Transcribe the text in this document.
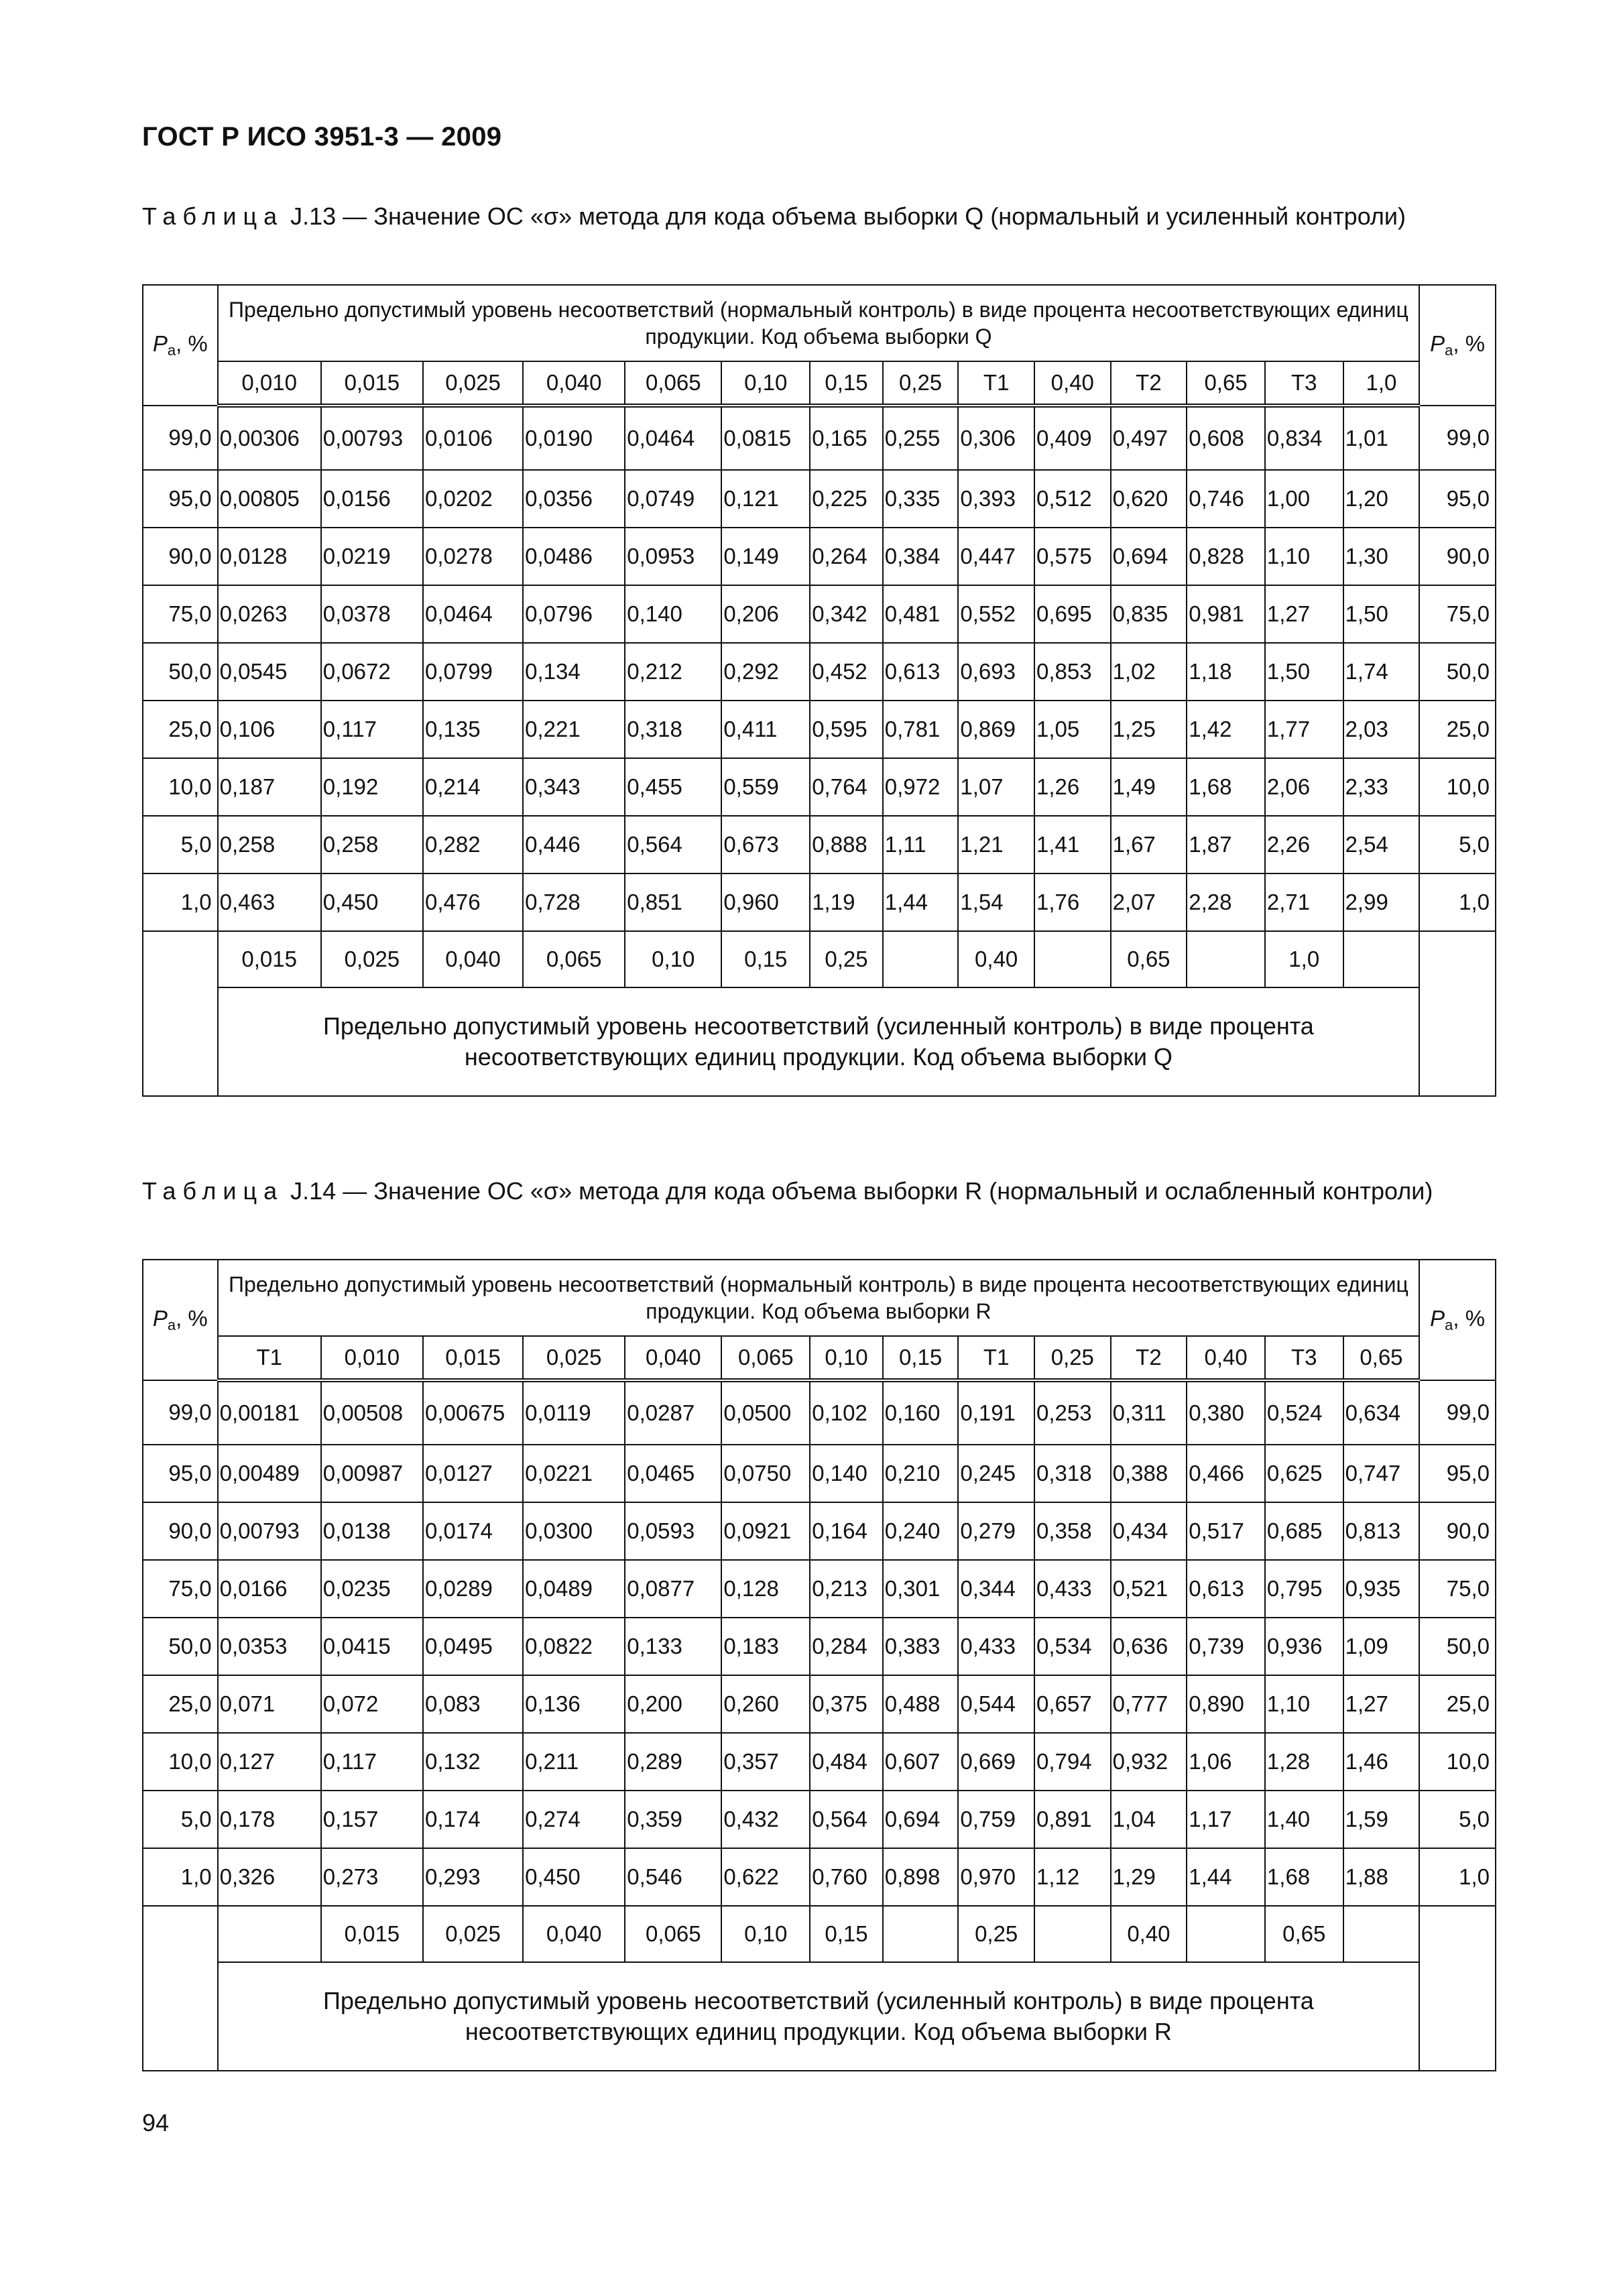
ГОСТ Р ИСО 3951-3 — 2009
Таблица J.13 — Значение ОС «σ» метода для кода объема выборки Q (нормальный и усиленный контроли)
$P_a$, %	Предельно допустимый уровень несоответствий (нормальный контроль) в виде процента несоответствующих единиц продукции. Код объема выборки Q														$P_a$, %
	0,010	0,015	0,025	0,040	0,065	0,10	0,15	0,25	T1	0,40	T2	0,65	T3	1,0	
99,0	0,00306	0,00793	0,0106	0,0190	0,0464	0,0815	0,165	0,255	0,306	0,409	0,497	0,608	0,834	1,01	99,0
95,0	0,00805	0,0156	0,0202	0,0356	0,0749	0,121	0,225	0,335	0,393	0,512	0,620	0,746	1,00	1,20	95,0
90,0	0,0128	0,0219	0,0278	0,0486	0,0953	0,149	0,264	0,384	0,447	0,575	0,694	0,828	1,10	1,30	90,0
75,0	0,0263	0,0378	0,0464	0,0796	0,140	0,206	0,342	0,481	0,552	0,695	0,835	0,981	1,27	1,50	75,0
50,0	0,0545	0,0672	0,0799	0,134	0,212	0,292	0,452	0,613	0,693	0,853	1,02	1,18	1,50	1,74	50,0
25,0	0,106	0,117	0,135	0,221	0,318	0,411	0,595	0,781	0,869	1,05	1,25	1,42	1,77	2,03	25,0
10,0	0,187	0,192	0,214	0,343	0,455	0,559	0,764	0,972	1,07	1,26	1,49	1,68	2,06	2,33	10,0
5,0	0,258	0,258	0,282	0,446	0,564	0,673	0,888	1,11	1,21	1,41	1,67	1,87	2,26	2,54	5,0
1,0	0,463	0,450	0,476	0,728	0,851	0,960	1,19	1,44	1,54	1,76	2,07	2,28	2,71	2,99	1,0
	0,015	0,025	0,040	0,065	0,10	0,15	0,25		0,40		0,65		1,0		
	Предельно допустимый уровень несоответствий (усиленный контроль) в виде процента несоответствующих единиц продукции. Код объема выборки Q														
Таблица J.14 — Значение ОС «σ» метода для кода объема выборки R (нормальный и ослабленный контроли)
$P_a$, %	Предельно допустимый уровень несоответствий (нормальный контроль) в виде процента несоответствующих единиц продукции. Код объема выборки R														$P_a$, %
	T1	0,010	0,015	0,025	0,040	0,065	0,10	0,15	T1	0,25	T2	0,40	T3	0,65	
99,0	0,00181	0,00508	0,00675	0,0119	0,0287	0,0500	0,102	0,160	0,191	0,253	0,311	0,380	0,524	0,634	99,0
95,0	0,00489	0,00987	0,0127	0,0221	0,0465	0,0750	0,140	0,210	0,245	0,318	0,388	0,466	0,625	0,747	95,0
90,0	0,00793	0,0138	0,0174	0,0300	0,0593	0,0921	0,164	0,240	0,279	0,358	0,434	0,517	0,685	0,813	90,0
75,0	0,0166	0,0235	0,0289	0,0489	0,0877	0,128	0,213	0,301	0,344	0,433	0,521	0,613	0,795	0,935	75,0
50,0	0,0353	0,0415	0,0495	0,0822	0,133	0,183	0,284	0,383	0,433	0,534	0,636	0,739	0,936	1,09	50,0
25,0	0,071	0,072	0,083	0,136	0,200	0,260	0,375	0,488	0,544	0,657	0,777	0,890	1,10	1,27	25,0
10,0	0,127	0,117	0,132	0,211	0,289	0,357	0,484	0,607	0,669	0,794	0,932	1,06	1,28	1,46	10,0
5,0	0,178	0,157	0,174	0,274	0,359	0,432	0,564	0,694	0,759	0,891	1,04	1,17	1,40	1,59	5,0
1,0	0,326	0,273	0,293	0,450	0,546	0,622	0,760	0,898	0,970	1,12	1,29	1,44	1,68	1,88	1,0
		0,015	0,025	0,040	0,065	0,10	0,15		0,25		0,40		0,65		
	Предельно допустимый уровень несоответствий (усиленный контроль) в виде процента несоответствующих единиц продукции. Код объема выборки R														
94
